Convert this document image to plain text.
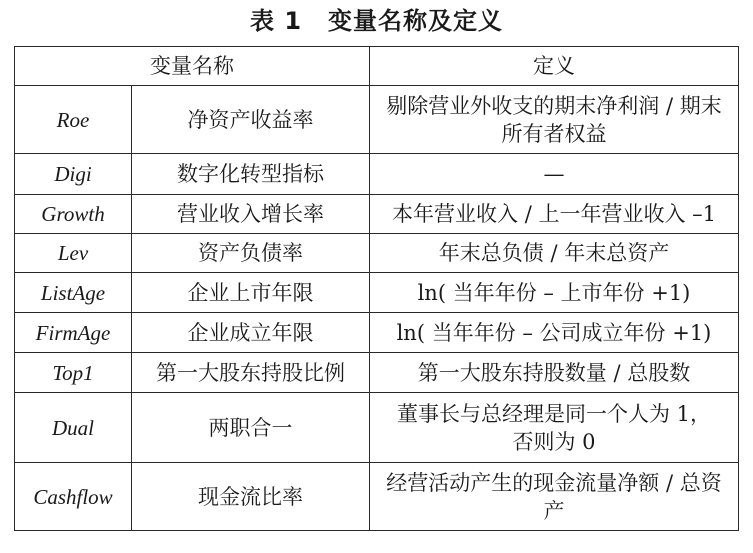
表 1 变量名称及定义
变量名称		定义
Roe	净资产收益率	剔除营业外收支的期末净利润 / 期末所有者权益
Digi	数字化转型指标	—
Growth	营业收入增长率	本年营业收入 / 上一年营业收入 –1
Lev	资产负债率	年末总负债 / 年末总资产
ListAge	企业上市年限	ln( 当年年份 – 上市年份 +1)
FirmAge	企业成立年限	ln( 当年年份 – 公司成立年份 +1)
Top1	第一大股东持股比例	第一大股东持股数量 / 总股数
Dual	两职合一	董事长与总经理是同一个人为 1，否则为 0
Cashflow	现金流比率	经营活动产生的现金流量净额 / 总资产
